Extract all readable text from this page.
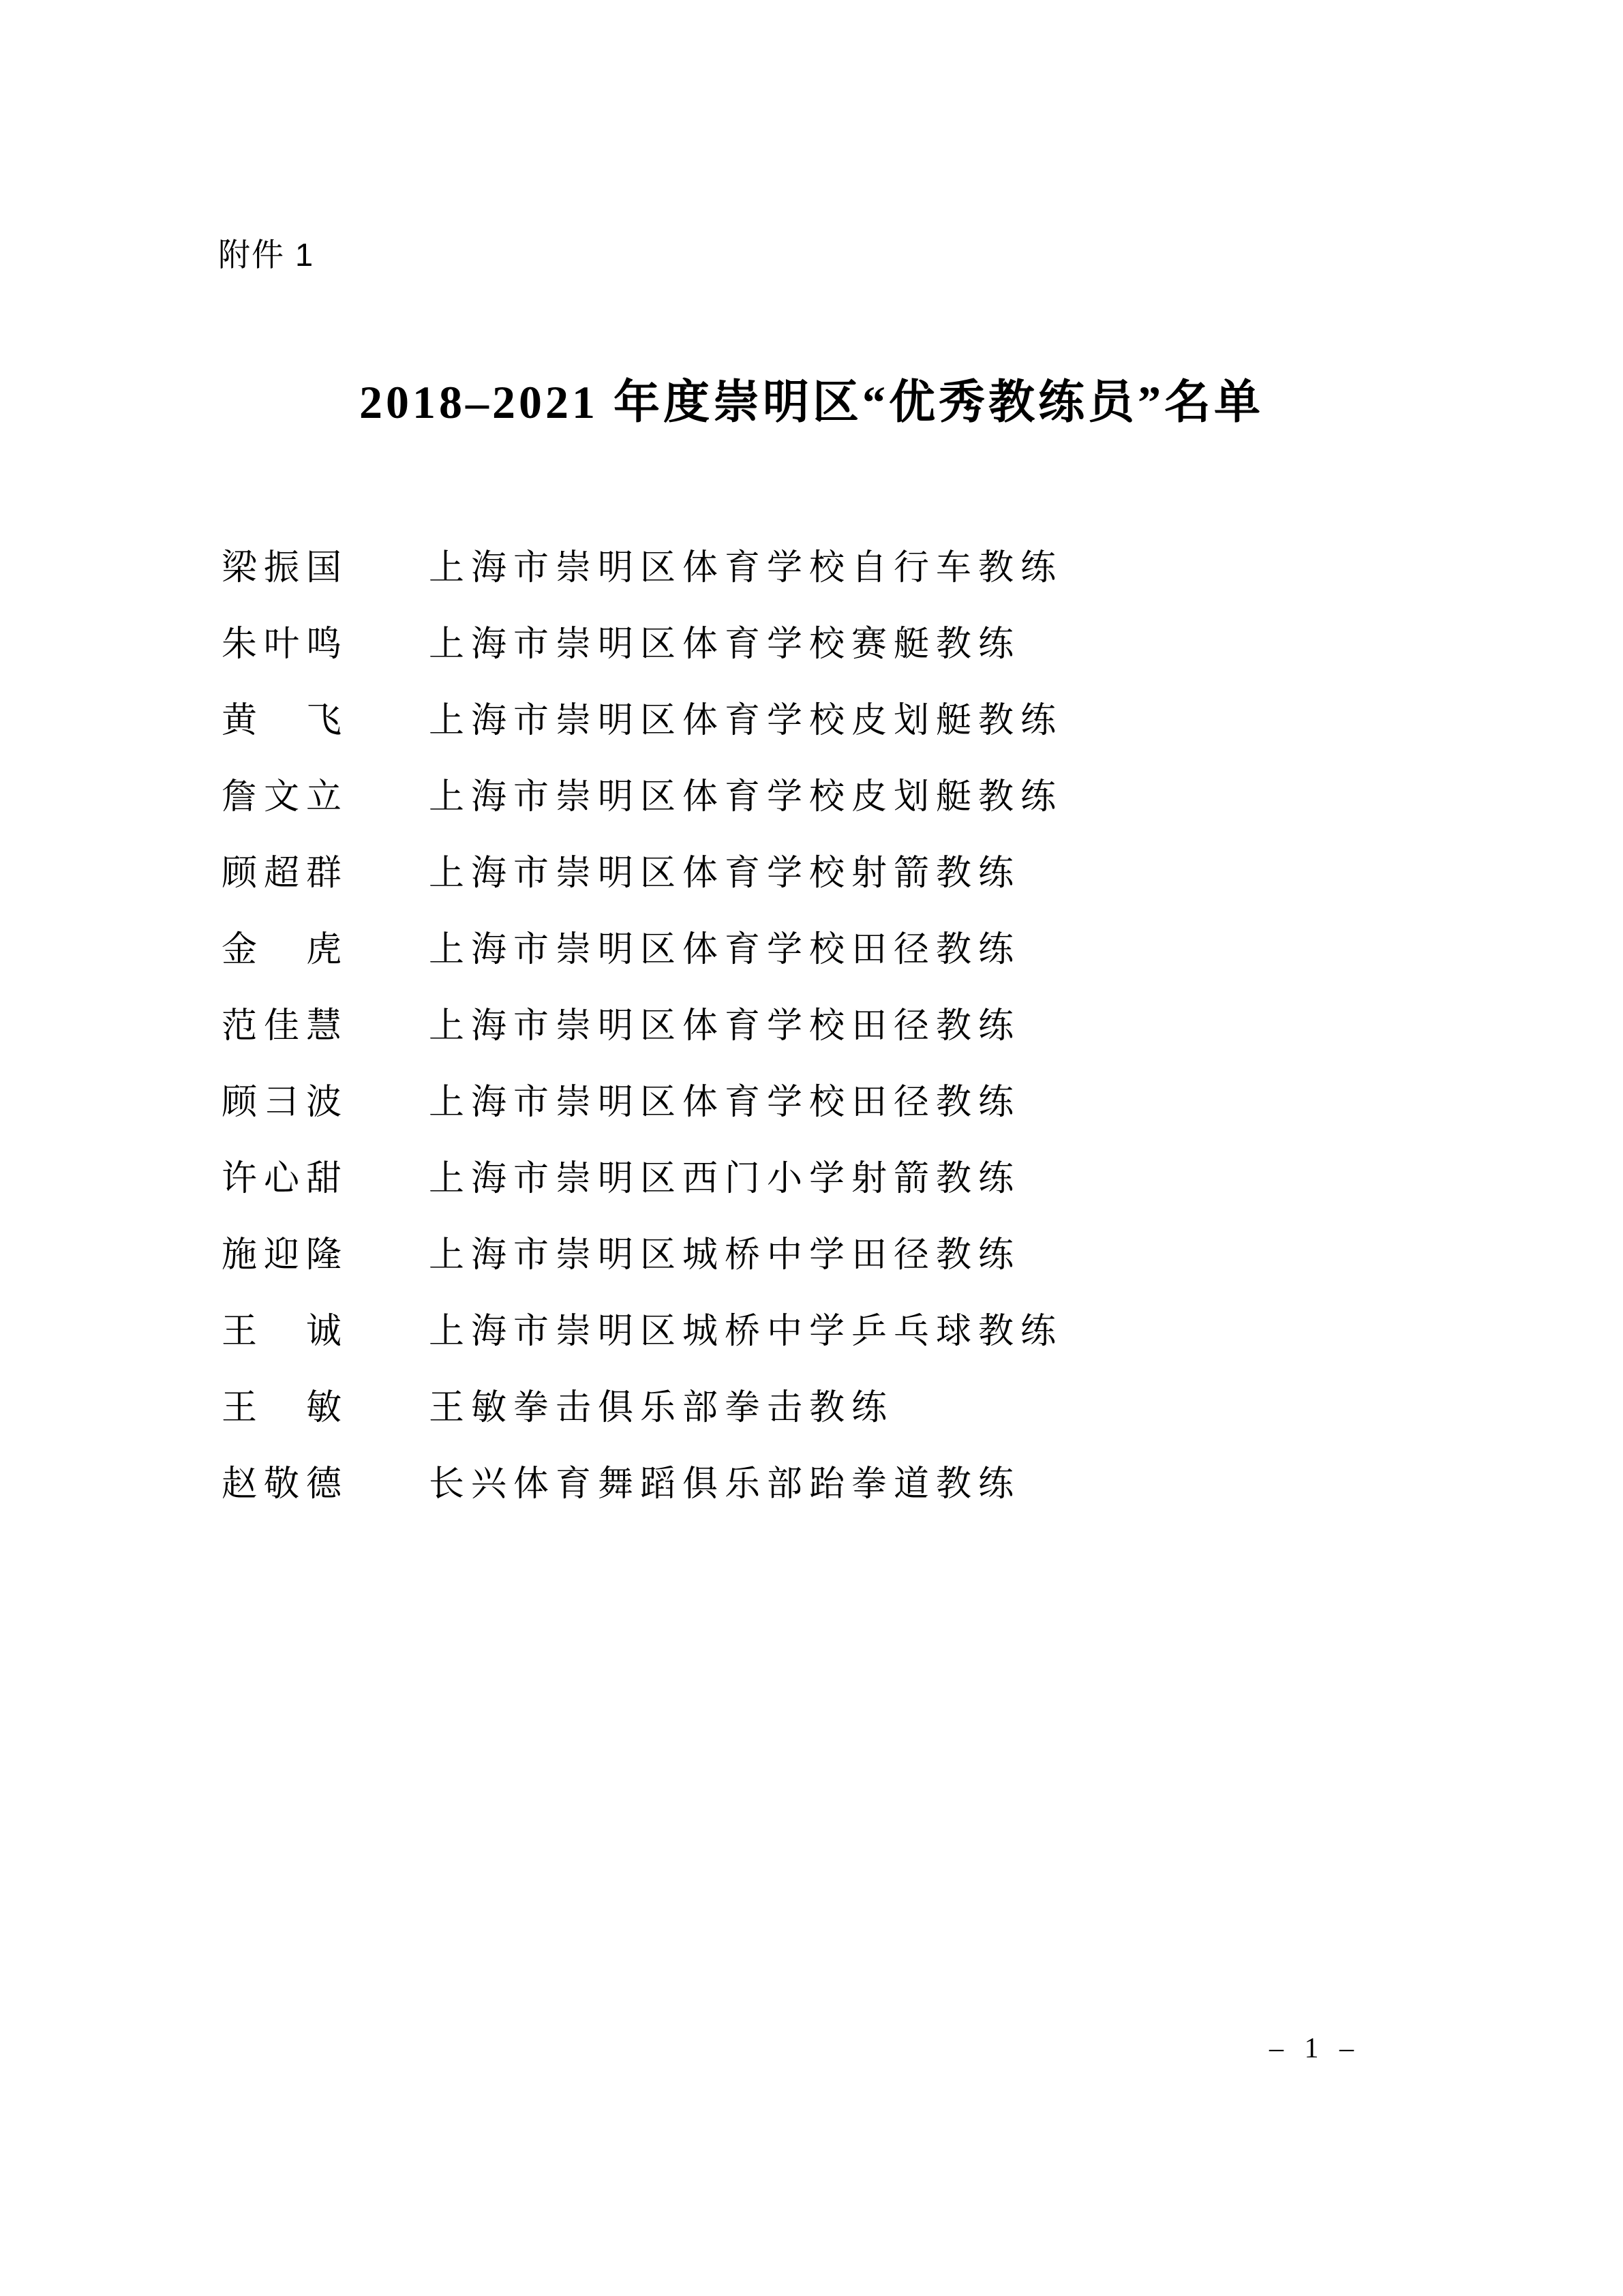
附件 1
2018–2021 年度崇明区“优秀教练员”名单
梁振国 上海市崇明区体育学校自行车教练
朱叶鸣 上海市崇明区体育学校赛艇教练
黄　飞 上海市崇明区体育学校皮划艇教练
詹文立 上海市崇明区体育学校皮划艇教练
顾超群 上海市崇明区体育学校射箭教练
金　虎 上海市崇明区体育学校田径教练
范佳慧 上海市崇明区体育学校田径教练
顾彐波 上海市崇明区体育学校田径教练
许心甜 上海市崇明区西门小学射箭教练
施迎隆 上海市崇明区城桥中学田径教练
王　诚 上海市崇明区城桥中学乒乓球教练
王　敏 王敏拳击俱乐部拳击教练
赵敬德 长兴体育舞蹈俱乐部跆拳道教练
– 1 –
